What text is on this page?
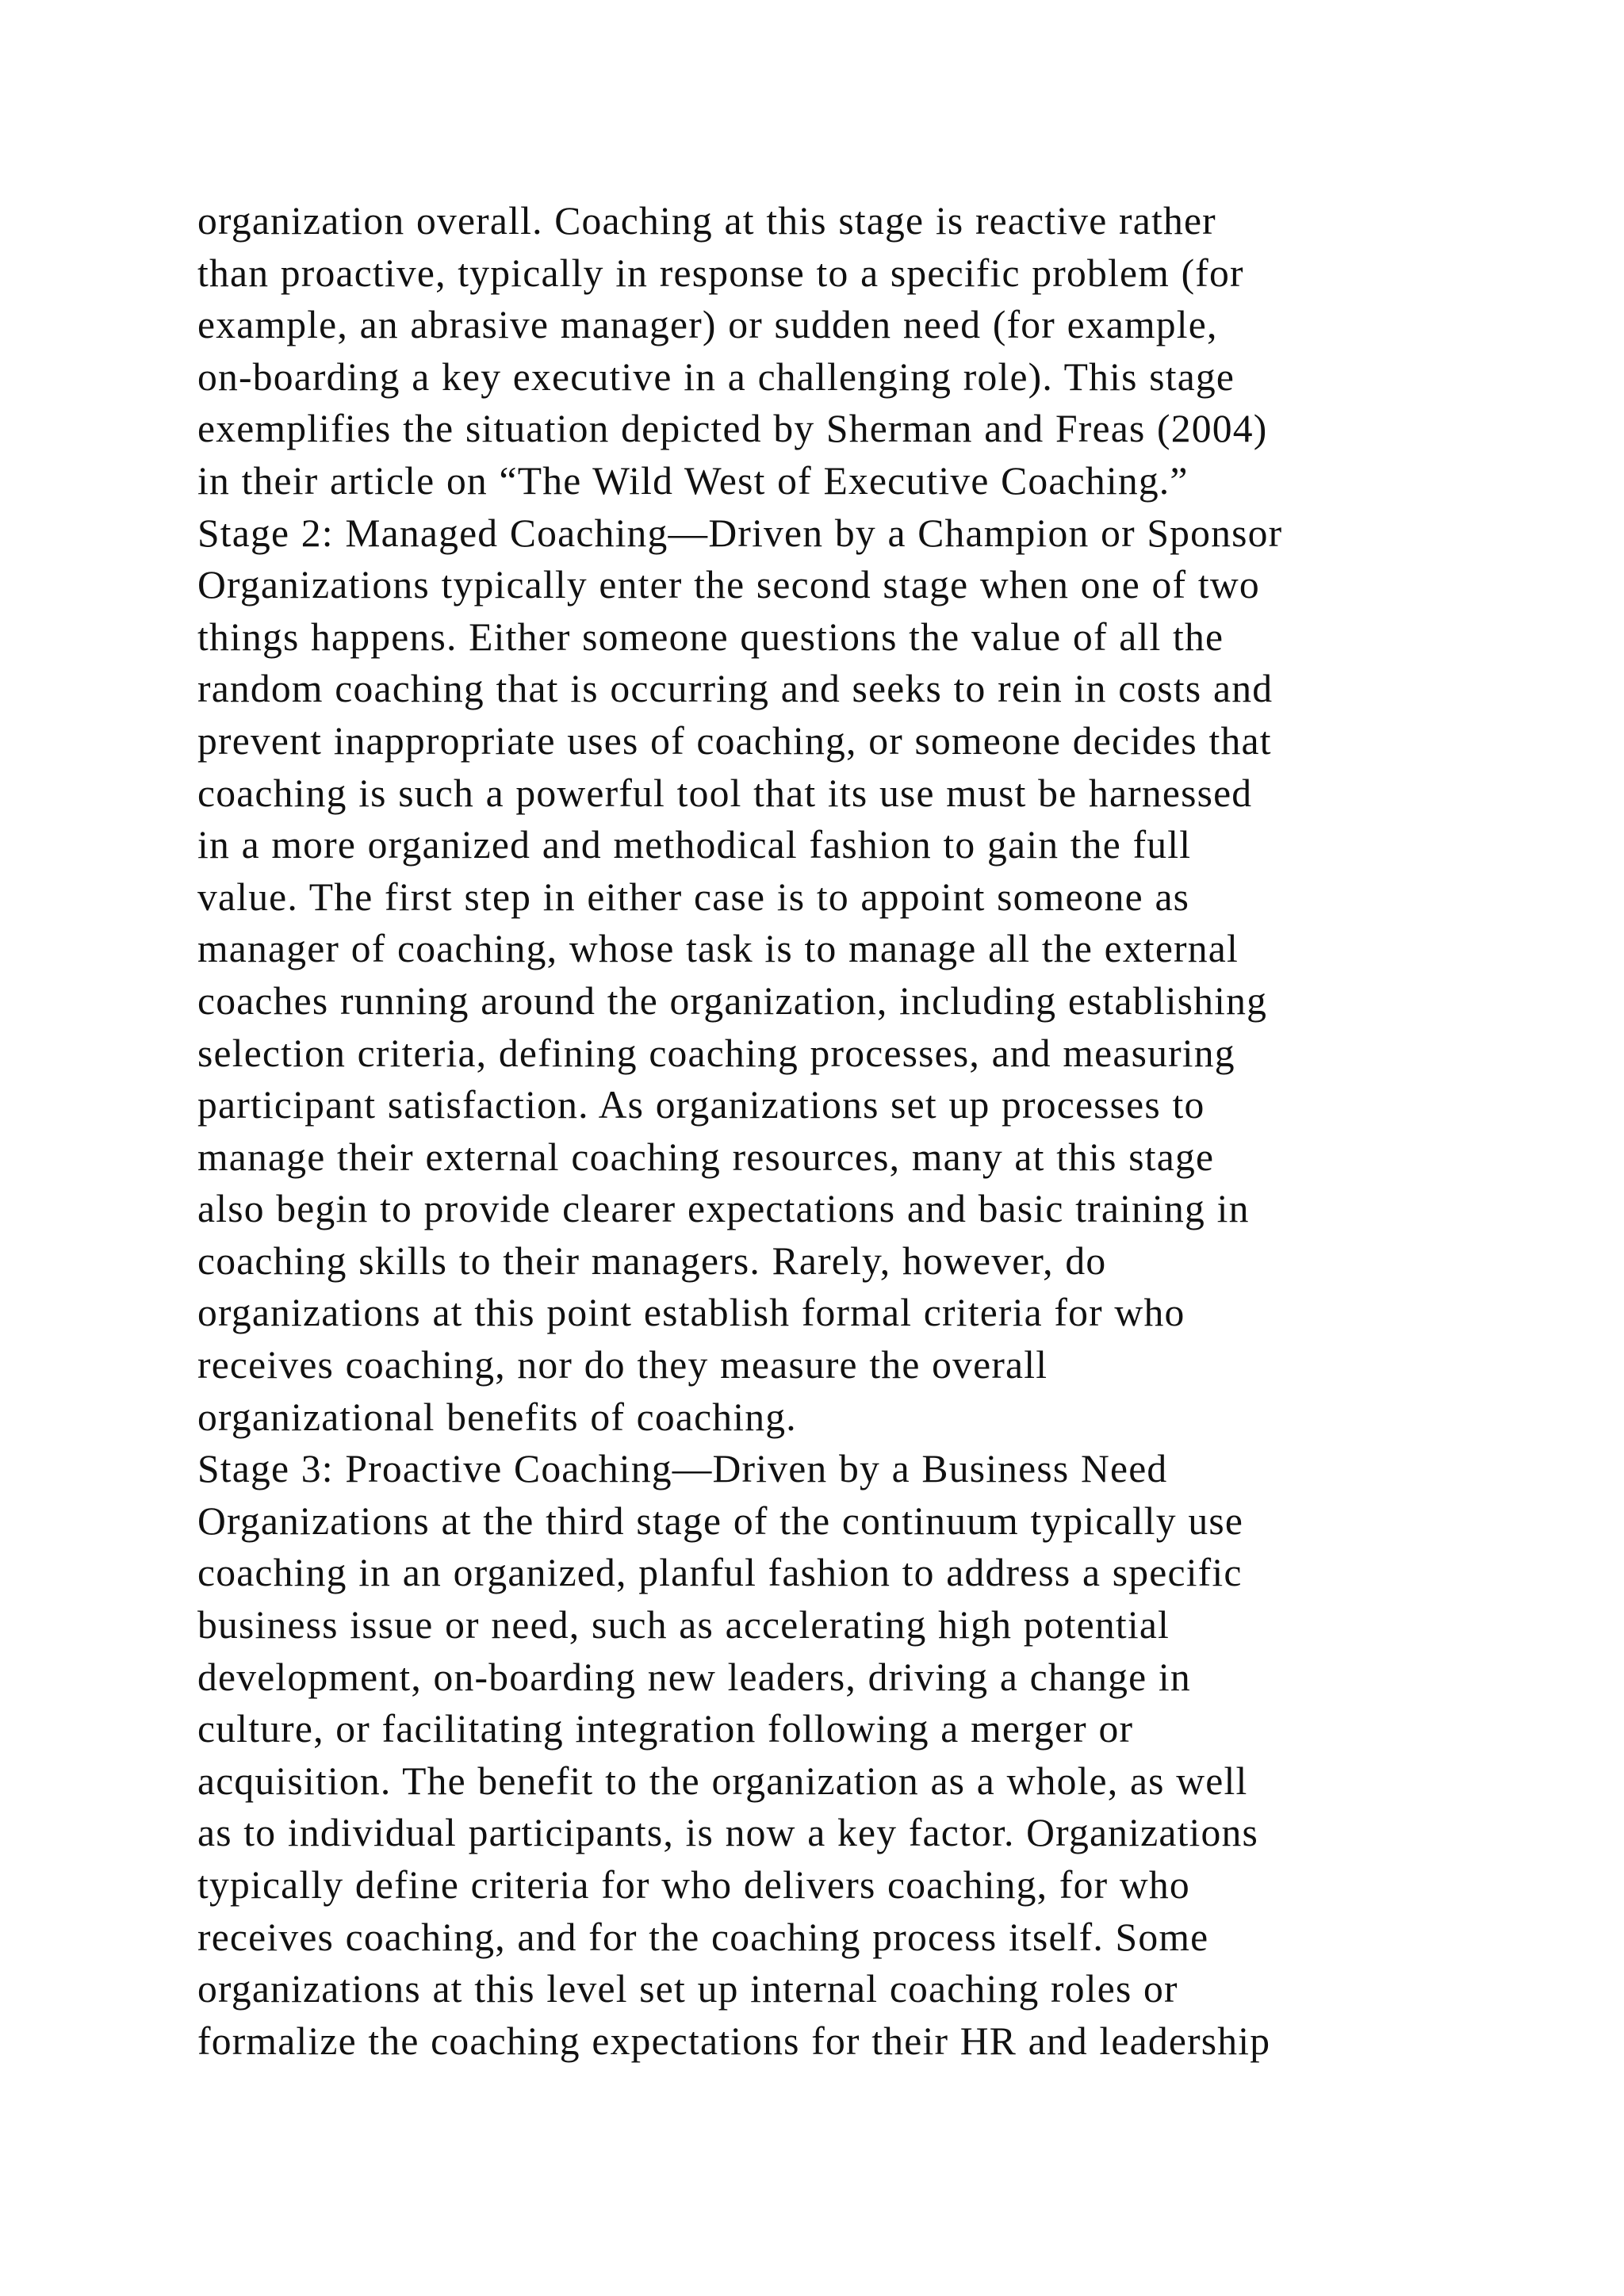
organization overall. Coaching at this stage is reactive rather
than proactive, typically in response to a specific problem (for
example, an abrasive manager) or sudden need (for example,
on-boarding a key executive in a challenging role). This stage
exemplifies the situation depicted by Sherman and Freas (2004)
in their article on “The Wild West of Executive Coaching.”
Stage 2: Managed Coaching—Driven by a Champion or Sponsor
Organizations typically enter the second stage when one of two
things happens. Either someone questions the value of all the
random coaching that is occurring and seeks to rein in costs and
prevent inappropriate uses of coaching, or someone decides that
coaching is such a powerful tool that its use must be harnessed
in a more organized and methodical fashion to gain the full
value. The first step in either case is to appoint someone as
manager of coaching, whose task is to manage all the external
coaches running around the organization, including establishing
selection criteria, defining coaching processes, and measuring
participant satisfaction. As organizations set up processes to
manage their external coaching resources, many at this stage
also begin to provide clearer expectations and basic training in
coaching skills to their managers. Rarely, however, do
organizations at this point establish formal criteria for who
receives coaching, nor do they measure the overall
organizational benefits of coaching.
Stage 3: Proactive Coaching—Driven by a Business Need
Organizations at the third stage of the continuum typically use
coaching in an organized, planful fashion to address a specific
business issue or need, such as accelerating high potential
development, on-boarding new leaders, driving a change in
culture, or facilitating integration following a merger or
acquisition. The benefit to the organization as a whole, as well
as to individual participants, is now a key factor. Organizations
typically define criteria for who delivers coaching, for who
receives coaching, and for the coaching process itself. Some
organizations at this level set up internal coaching roles or
formalize the coaching expectations for their HR and leadership
